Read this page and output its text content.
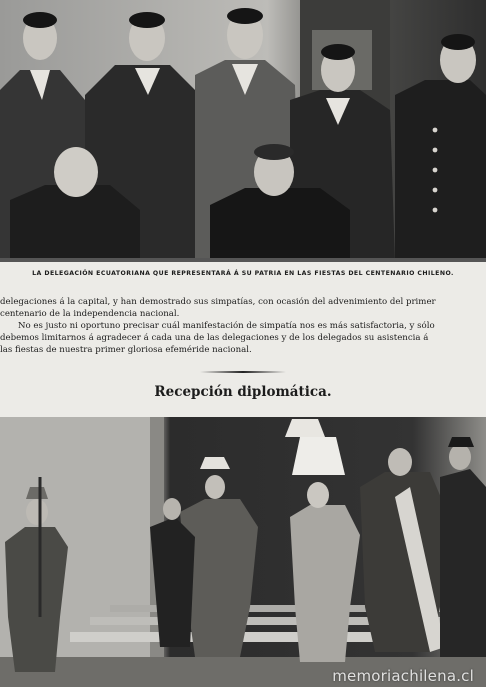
LA DELEGACIÓN ECUATORIANA QUE REPRESENTARÁ Á SU PATRIA EN LAS FIESTAS DEL CENTENARIO CHILENO.

delegaciones á la capital, y han demostrado sus simpatías, con ocasión del advenimiento del primer

centenario de la independencia nacional.

No es justo ni oportuno precisar cuál manifestación de simpatía nos es más satisfactoria, y sólo

debemos limitarnos á agradecer á cada una de las delegaciones y de los delegados su asistencia á

las fiestas de nuestra primer gloriosa efeméride nacional.

Recepción diplomática.
memoriachilena.cl
